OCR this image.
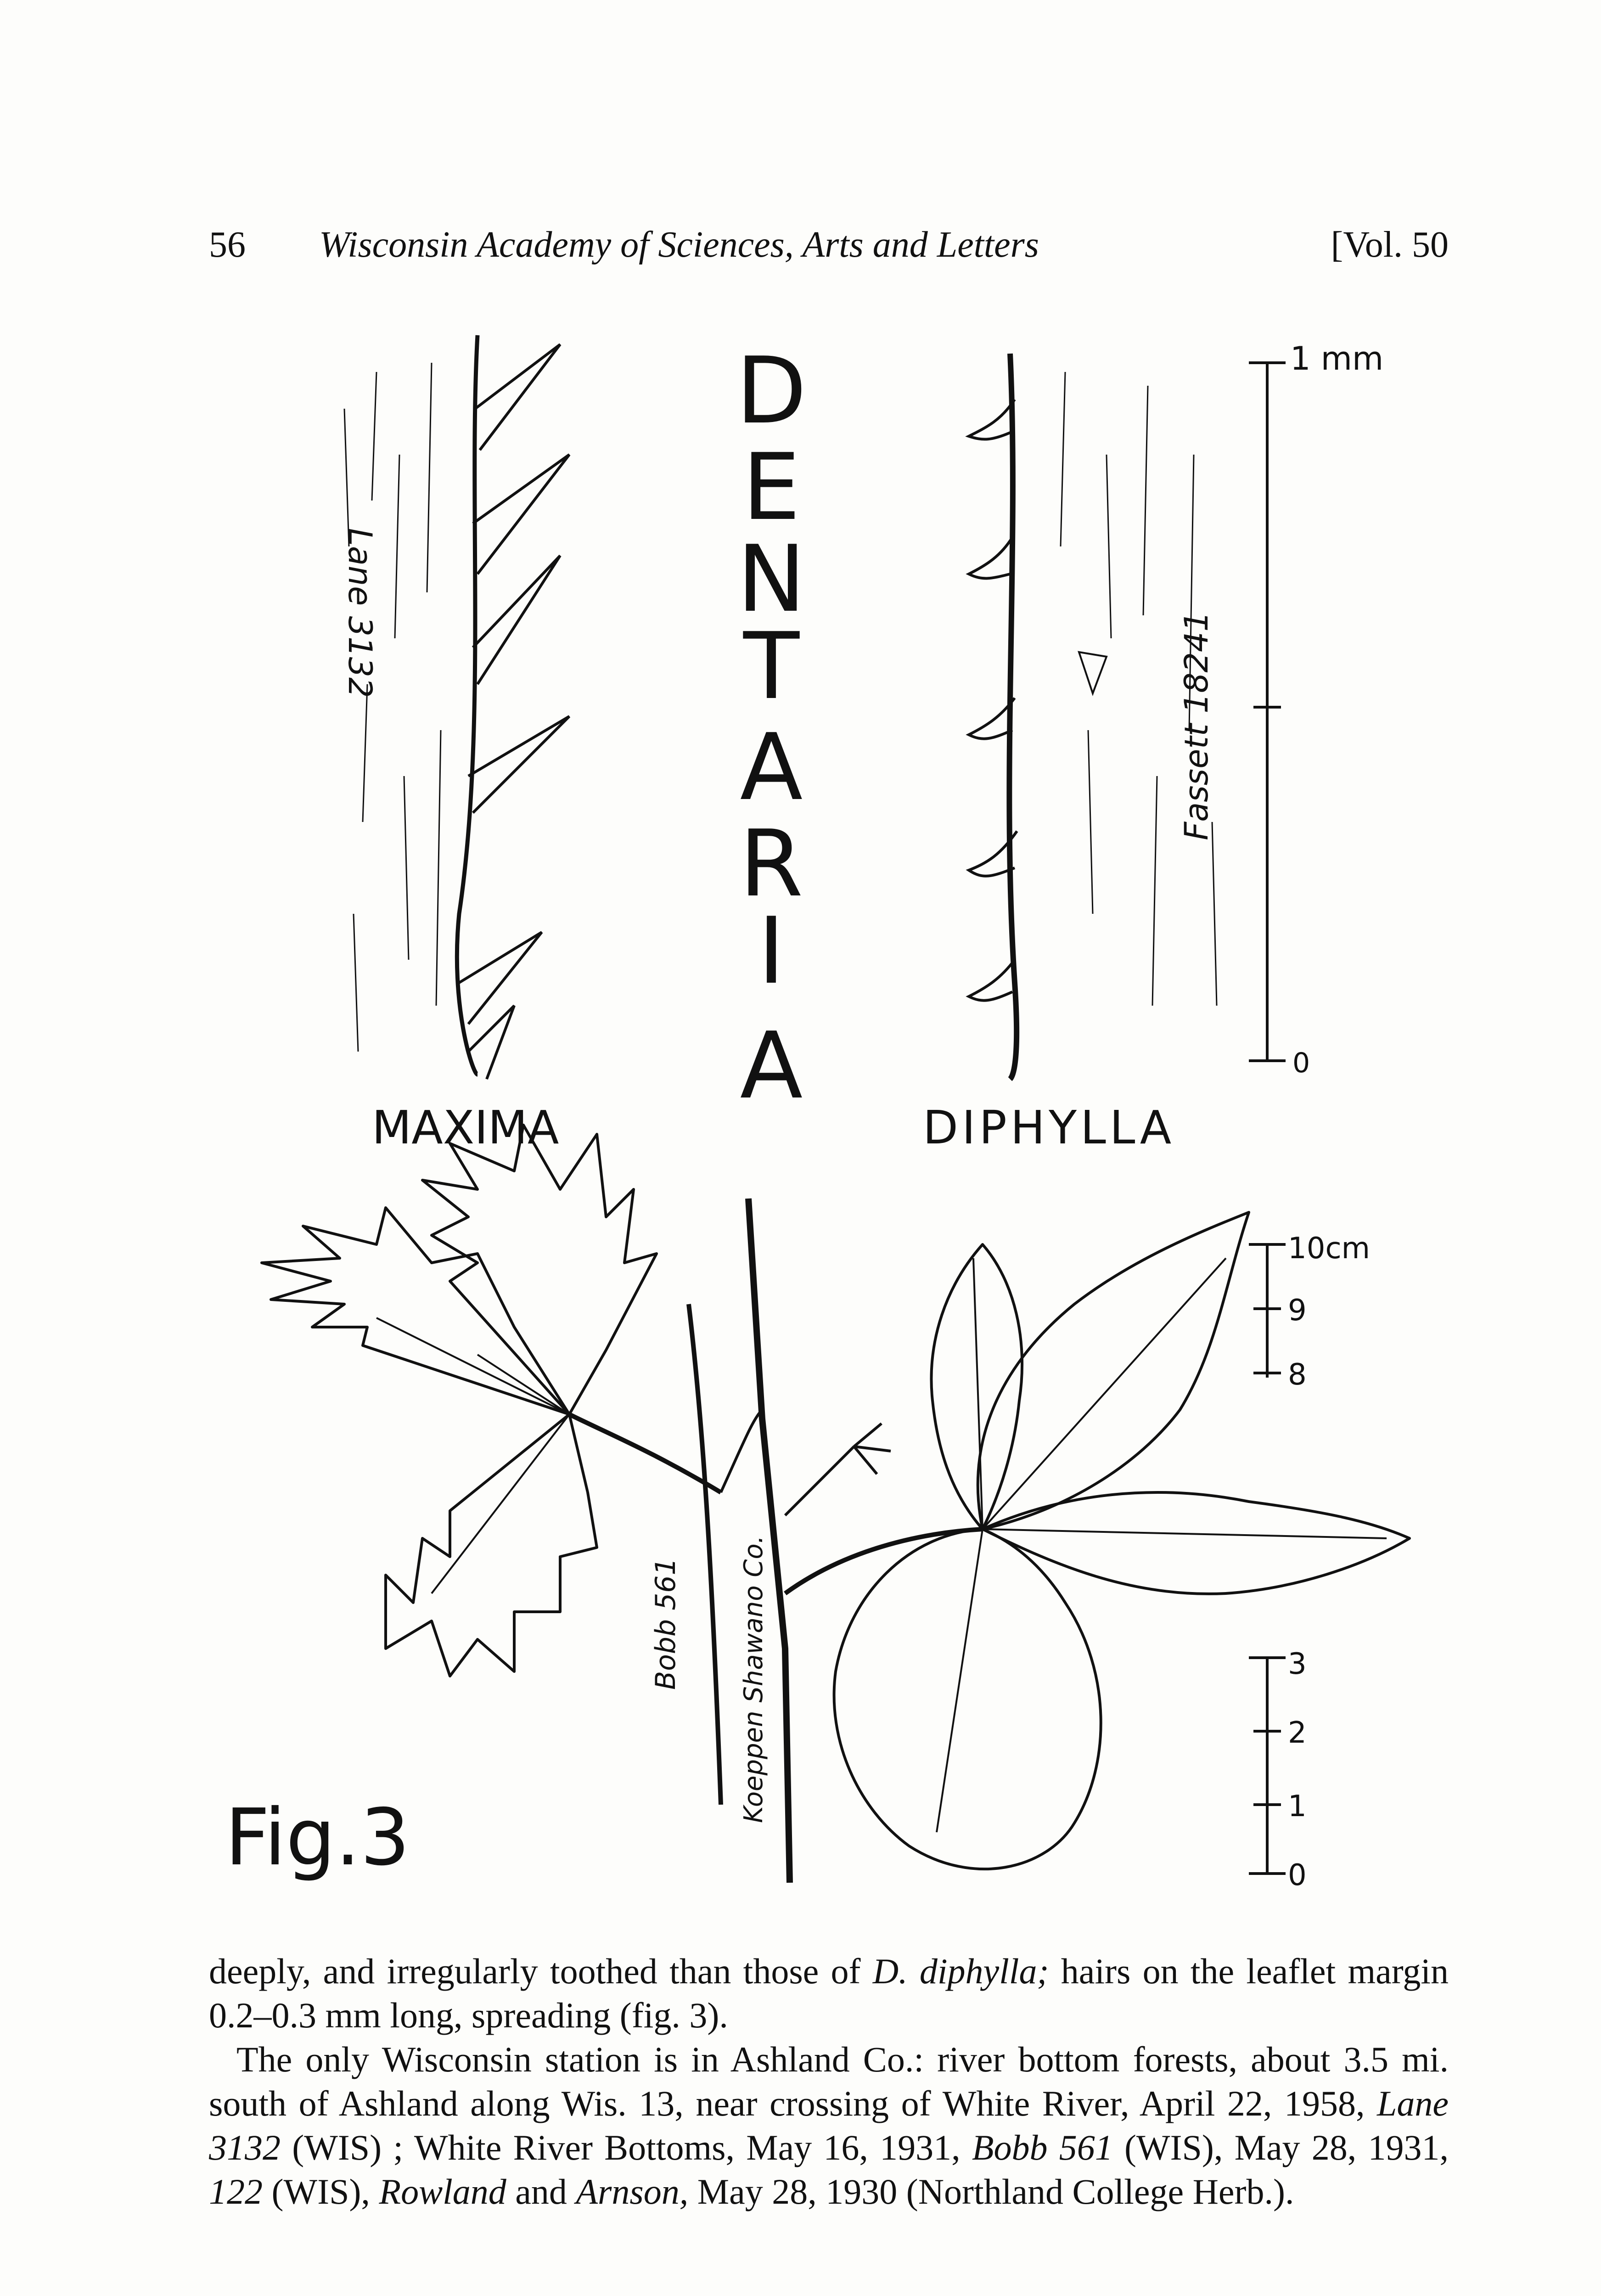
56 Wisconsin Academy of Sciences, Arts and Letters	[Vol. 50
Lane 3132
D
E
N
T
A
R
I
A
Fassett 18241
1 mm
0
MAXIMA	DIPHYLLA
Bobb 561 Koeppen Shawano Co.
10cm
9
8
3
2
1
0
Fig.3

deeply, and irregularly toothed than those of D. diphylla; hairs on the leaflet margin 0.2–0.3 mm long, spreading (fig. 3).

The only Wisconsin station is in Ashland Co.: river bottom forests, about 3.5 mi. south of Ashland along Wis. 13, near crossing of White River, April 22, 1958, Lane 3132 (WIS) ; White River Bottoms, May 16, 1931, Bobb 561 (WIS), May 28, 1931, 122 (WIS), Rowland and Arnson, May 28, 1930 (Northland College Herb.).
